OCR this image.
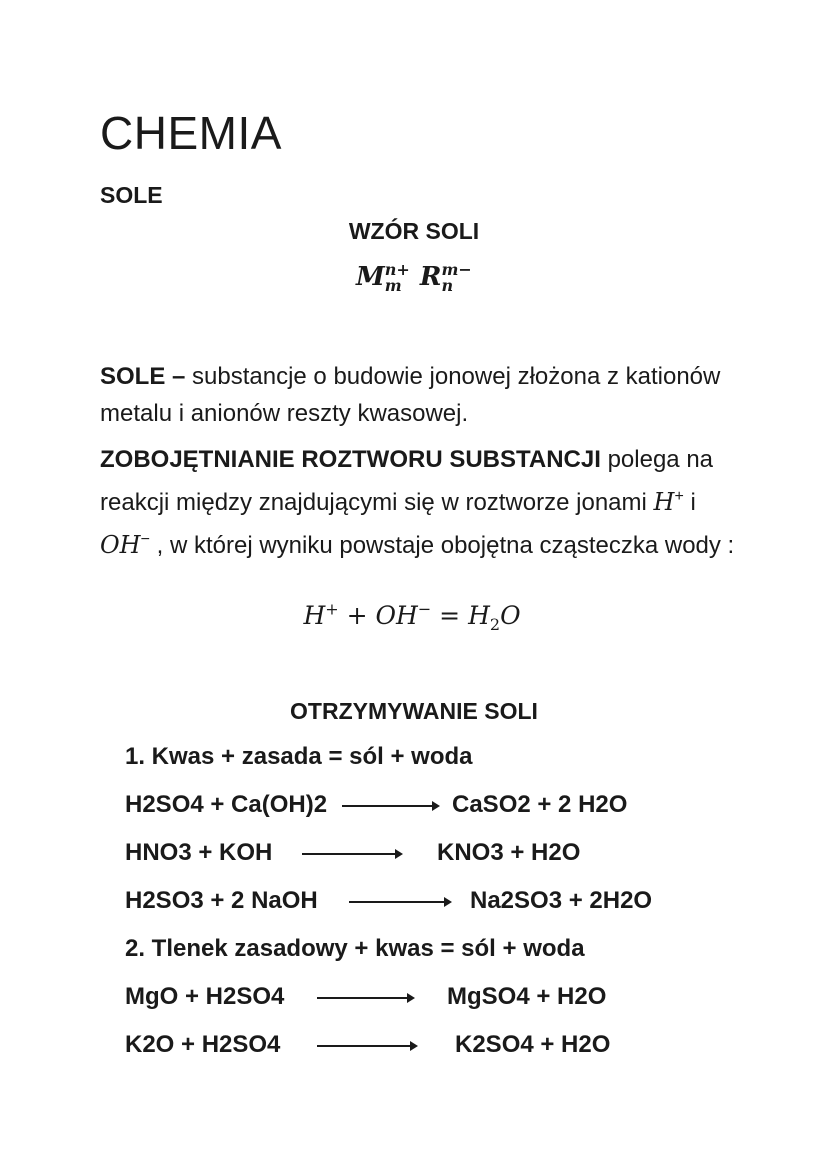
CHEMIA
SOLE
WZÓR SOLI
M n+
m R m−
n

SOLE – substancje o budowie jonowej złożona z kationów metalu i anionów reszty kwasowej.

ZOBOJĘTNIANIE ROZTWORU SUBSTANCJI polega na reakcji między znajdującymi się w roztworze jonami H+ i OH− , w której wyniku powstaje obojętna cząsteczka wody :

$H^+ + OH^- = H_2O$
OTRZYMYWANIE SOLI
1. Kwas + zasada = sól + woda
H2SO4 + Ca(OH)2	CaSO2 + 2 H2O
HNO3 + KOH	KNO3 + H2O
H2SO3 + 2 NaOH	Na2SO3 + 2H2O
2. Tlenek zasadowy + kwas = sól + woda
MgO + H2SO4	MgSO4 + H2O
K2O + H2SO4	K2SO4 + H2O
